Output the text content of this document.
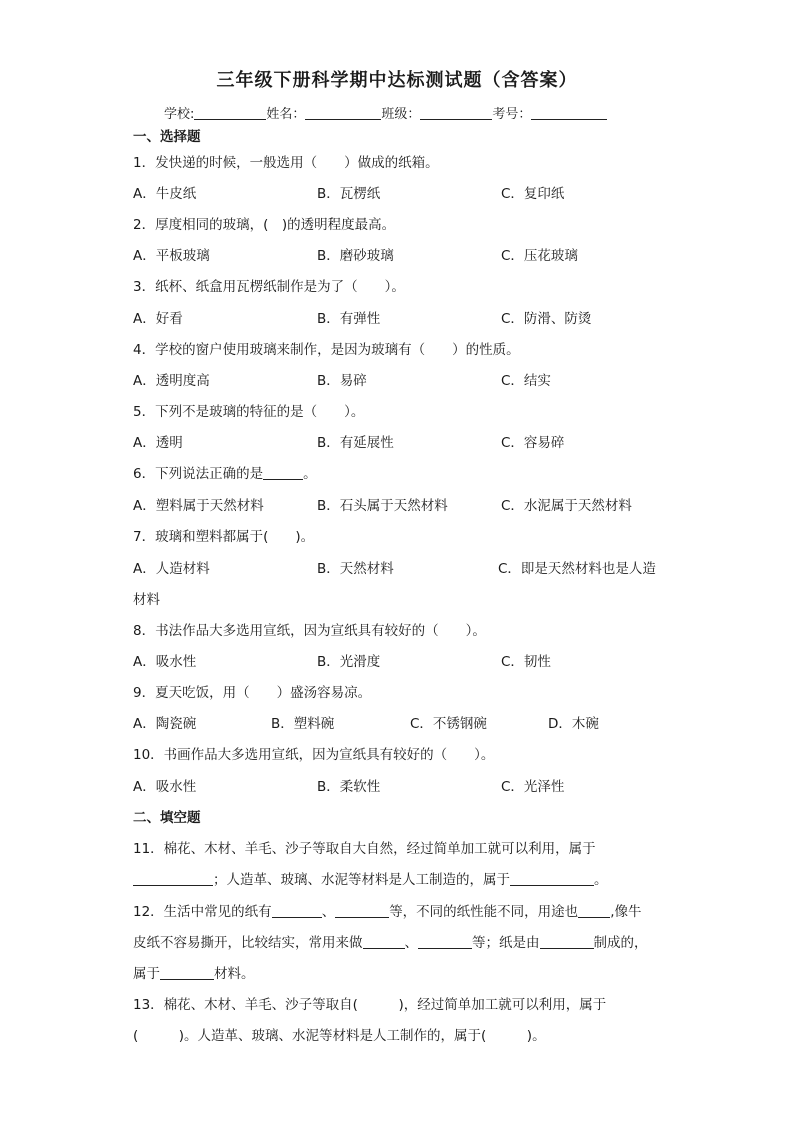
三年级下册科学期中达标测试题（含答案）
学校:	姓名：	班级：	考号：
一、选择题
1．发快递的时候，一般选用（　　）做成的纸箱。
A．牛皮纸	B．瓦楞纸	C．复印纸
2．厚度相同的玻璃，(　)的透明程度最高。
A．平板玻璃	B．磨砂玻璃	C．压花玻璃
3．纸杯、纸盒用瓦楞纸制作是为了（　　）。
A．好看	B．有弹性	C．防滑、防烫
4．学校的窗户使用玻璃来制作，是因为玻璃有（　　）的性质。
A．透明度高	B．易碎	C．结实
5．下列不是玻璃的特征的是（　　）。
A．透明	B．有延展性	C．容易碎
6．下列说法正确的是	。
A．塑料属于天然材料	B．石头属于天然材料	C．水泥属于天然材料
7．玻璃和塑料都属于(　　)。
A．人造材料	B．天然材料	C．即是天然材料也是人造
材料
8．书法作品大多选用宣纸，因为宣纸具有较好的（　　）。
A．吸水性	B．光滑度	C．韧性
9．夏天吃饭，用（　　）盛汤容易凉。
A．陶瓷碗	B．塑料碗	C．不锈钢碗	D．木碗
10．书画作品大多选用宣纸，因为宣纸具有较好的（　　）。
A．吸水性	B．柔软性	C．光泽性
二、填空题
11．棉花、木材、羊毛、沙子等取自大自然，经过简单加工就可以利用，属于
；人造革、玻璃、水泥等材料是人工制造的，属于	。
12．生活中常见的纸有	、	等，不同的纸性能不同，用途也 ,像牛
皮纸不容易撕开，比较结实，常用来做	、	等；纸是由	制成的，
属于	材料。
13．棉花、木材、羊毛、沙子等取自(　　　)，经过简单加工就可以利用，属于
(　　　)。人造革、玻璃、水泥等材料是人工制作的，属于(　　　)。
